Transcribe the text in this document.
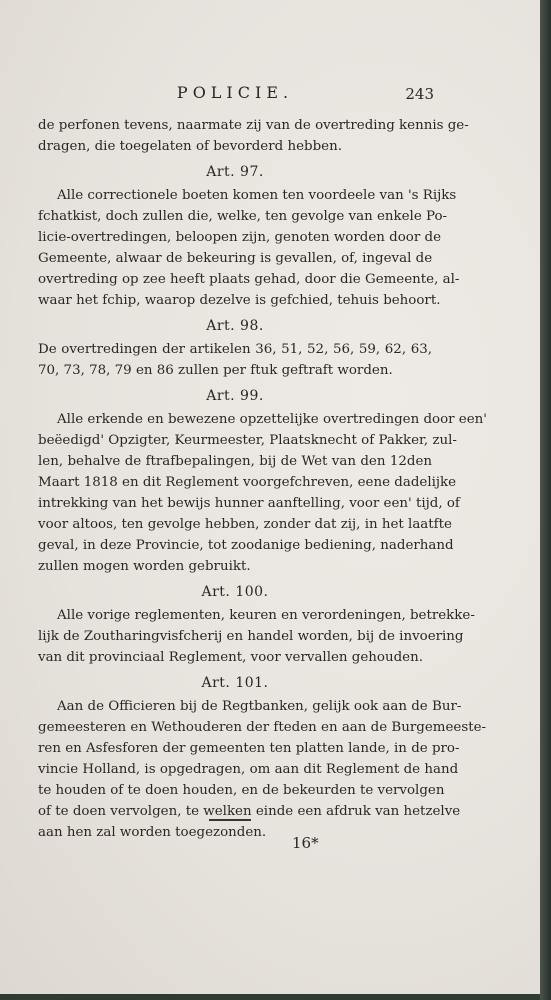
POLICIE.	243
de perfonen tevens, naarmate zij van de overtreding kennis ge-
dragen, die toegelaten of bevorderd hebben.
Art. 97.
Alle correctionele boeten komen ten voordeele van 's Rijks
fchatkist, doch zullen die, welke, ten gevolge van enkele Po-
licie-overtredingen, beloopen zijn, genoten worden door de
Gemeente, alwaar de bekeuring is gevallen, of, ingeval de
overtreding op zee heeft plaats gehad, door die Gemeente, al-
waar het fchip, waarop dezelve is gefchied, tehuis behoort.
Art. 98.
De overtredingen der artikelen 36, 51, 52, 56, 59, 62, 63,
70, 73, 78, 79 en 86 zullen per ftuk geftraft worden.
Art. 99.
Alle erkende en bewezene opzettelijke overtredingen door een'
beëedigd' Opzigter, Keurmeester, Plaatsknecht of Pakker, zul-
len, behalve de ftrafbepalingen, bij de Wet van den 12den
Maart 1818 en dit Reglement voorgefchreven, eene dadelijke
intrekking van het bewijs hunner aanftelling, voor een' tijd, of
voor altoos, ten gevolge hebben, zonder dat zij, in het laatfte
geval, in deze Provincie, tot zoodanige bediening, naderhand
zullen mogen worden gebruikt.
Art. 100.
Alle vorige reglementen, keuren en verordeningen, betrekke-
lijk de Zoutharingvisfcherij en handel worden, bij de invoering
van dit provinciaal Reglement, voor vervallen gehouden.
Art. 101.
Aan de Officieren bij de Regtbanken, gelijk ook aan de Bur-
gemeesteren en Wethouderen der fteden en aan de Burgemeeste-
ren en Asfesforen der gemeenten ten platten lande, in de pro-
vincie Holland, is opgedragen, om aan dit Reglement de hand
te houden of te doen houden, en de bekeurden te vervolgen
of te doen vervolgen, te welken einde een afdruk van hetzelve
aan hen zal worden toegezonden.
16*
